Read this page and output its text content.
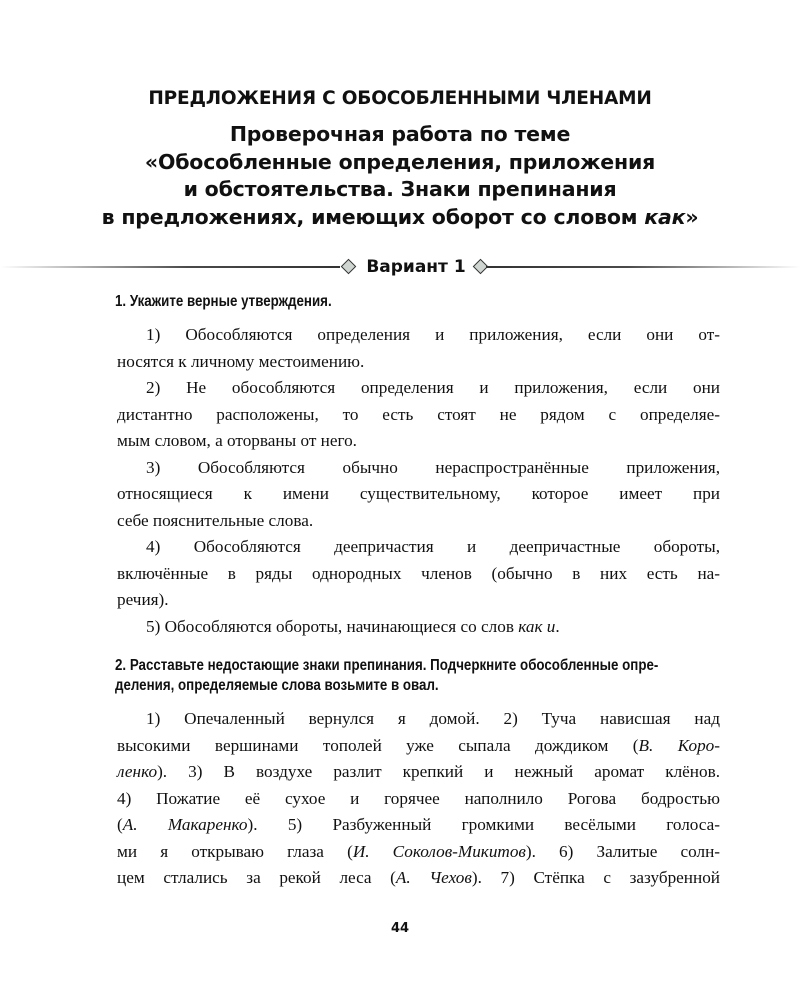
ПРЕДЛОЖЕНИЯ С ОБОСОБЛЕННЫМИ ЧЛЕНАМИ
Проверочная работа по теме
«Обособленные определения, приложения
и обстоятельства. Знаки препинания
в предложениях, имеющих оборот со словом как»
Вариант 1
1. Укажите верные утверждения.
1) Обособляются определения и приложения, если они от-
носятся к личному местоимению.
2) Не обособляются определения и приложения, если они
дистантно расположены, то есть стоят не рядом с определяе-
мым словом, а оторваны от него.
3) Обособляются обычно нераспространённые приложения,
относящиеся к имени существительному, которое имеет при
себе пояснительные слова.
4) Обособляются деепричастия и деепричастные обороты,
включённые в ряды однородных членов (обычно в них есть на-
речия).
5) Обособляются обороты, начинающиеся со слов как и.
2. Расставьте недостающие знаки препинания. Подчеркните обособленные опре-
деления, определяемые слова возьмите в овал.
1) Опечаленный вернулся я домой. 2) Туча нависшая над
высокими вершинами тополей уже сыпала дождиком (В. Коро-
ленко). 3) В воздухе разлит крепкий и нежный аромат клёнов.
4) Пожатие её сухое и горячее наполнило Рогова бодростью
(А. Макаренко). 5) Разбуженный громкими весёлыми голоса-
ми я открываю глаза (И. Соколов-Микитов). 6) Залитые солн-
цем стлались за рекой леса (А. Чехов). 7) Стёпка с зазубренной
44
